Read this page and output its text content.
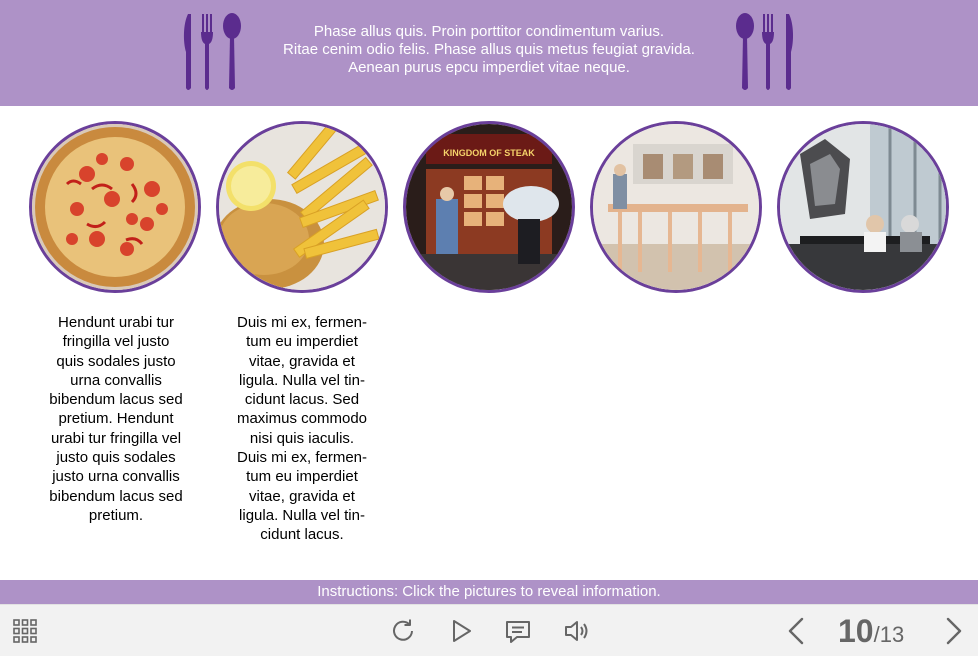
Phase allus quis. Proin porttitor condimentum varius.
Ritae cenim odio felis. Phase allus quis metus feugiat gravida.
Aenean purus epcu imperdiet vitae neque.
KINGDOM OF STEAK
Hendunt urabi tur
fringilla vel justo
quis sodales justo
urna convallis
bibendum lacus sed
pretium. Hendunt
urabi tur fringilla vel
justo quis sodales
justo urna convallis
bibendum lacus sed
pretium.
Duis mi ex, fermen-
tum eu imperdiet
vitae, gravida et
ligula. Nulla vel tin-
cidunt lacus. Sed
maximus commodo
nisi quis iaculis.
Duis mi ex, fermen-
tum eu imperdiet
vitae, gravida et
ligula. Nulla vel tin-
cidunt lacus.
Instructions: Click the pictures to reveal information.
10/13
